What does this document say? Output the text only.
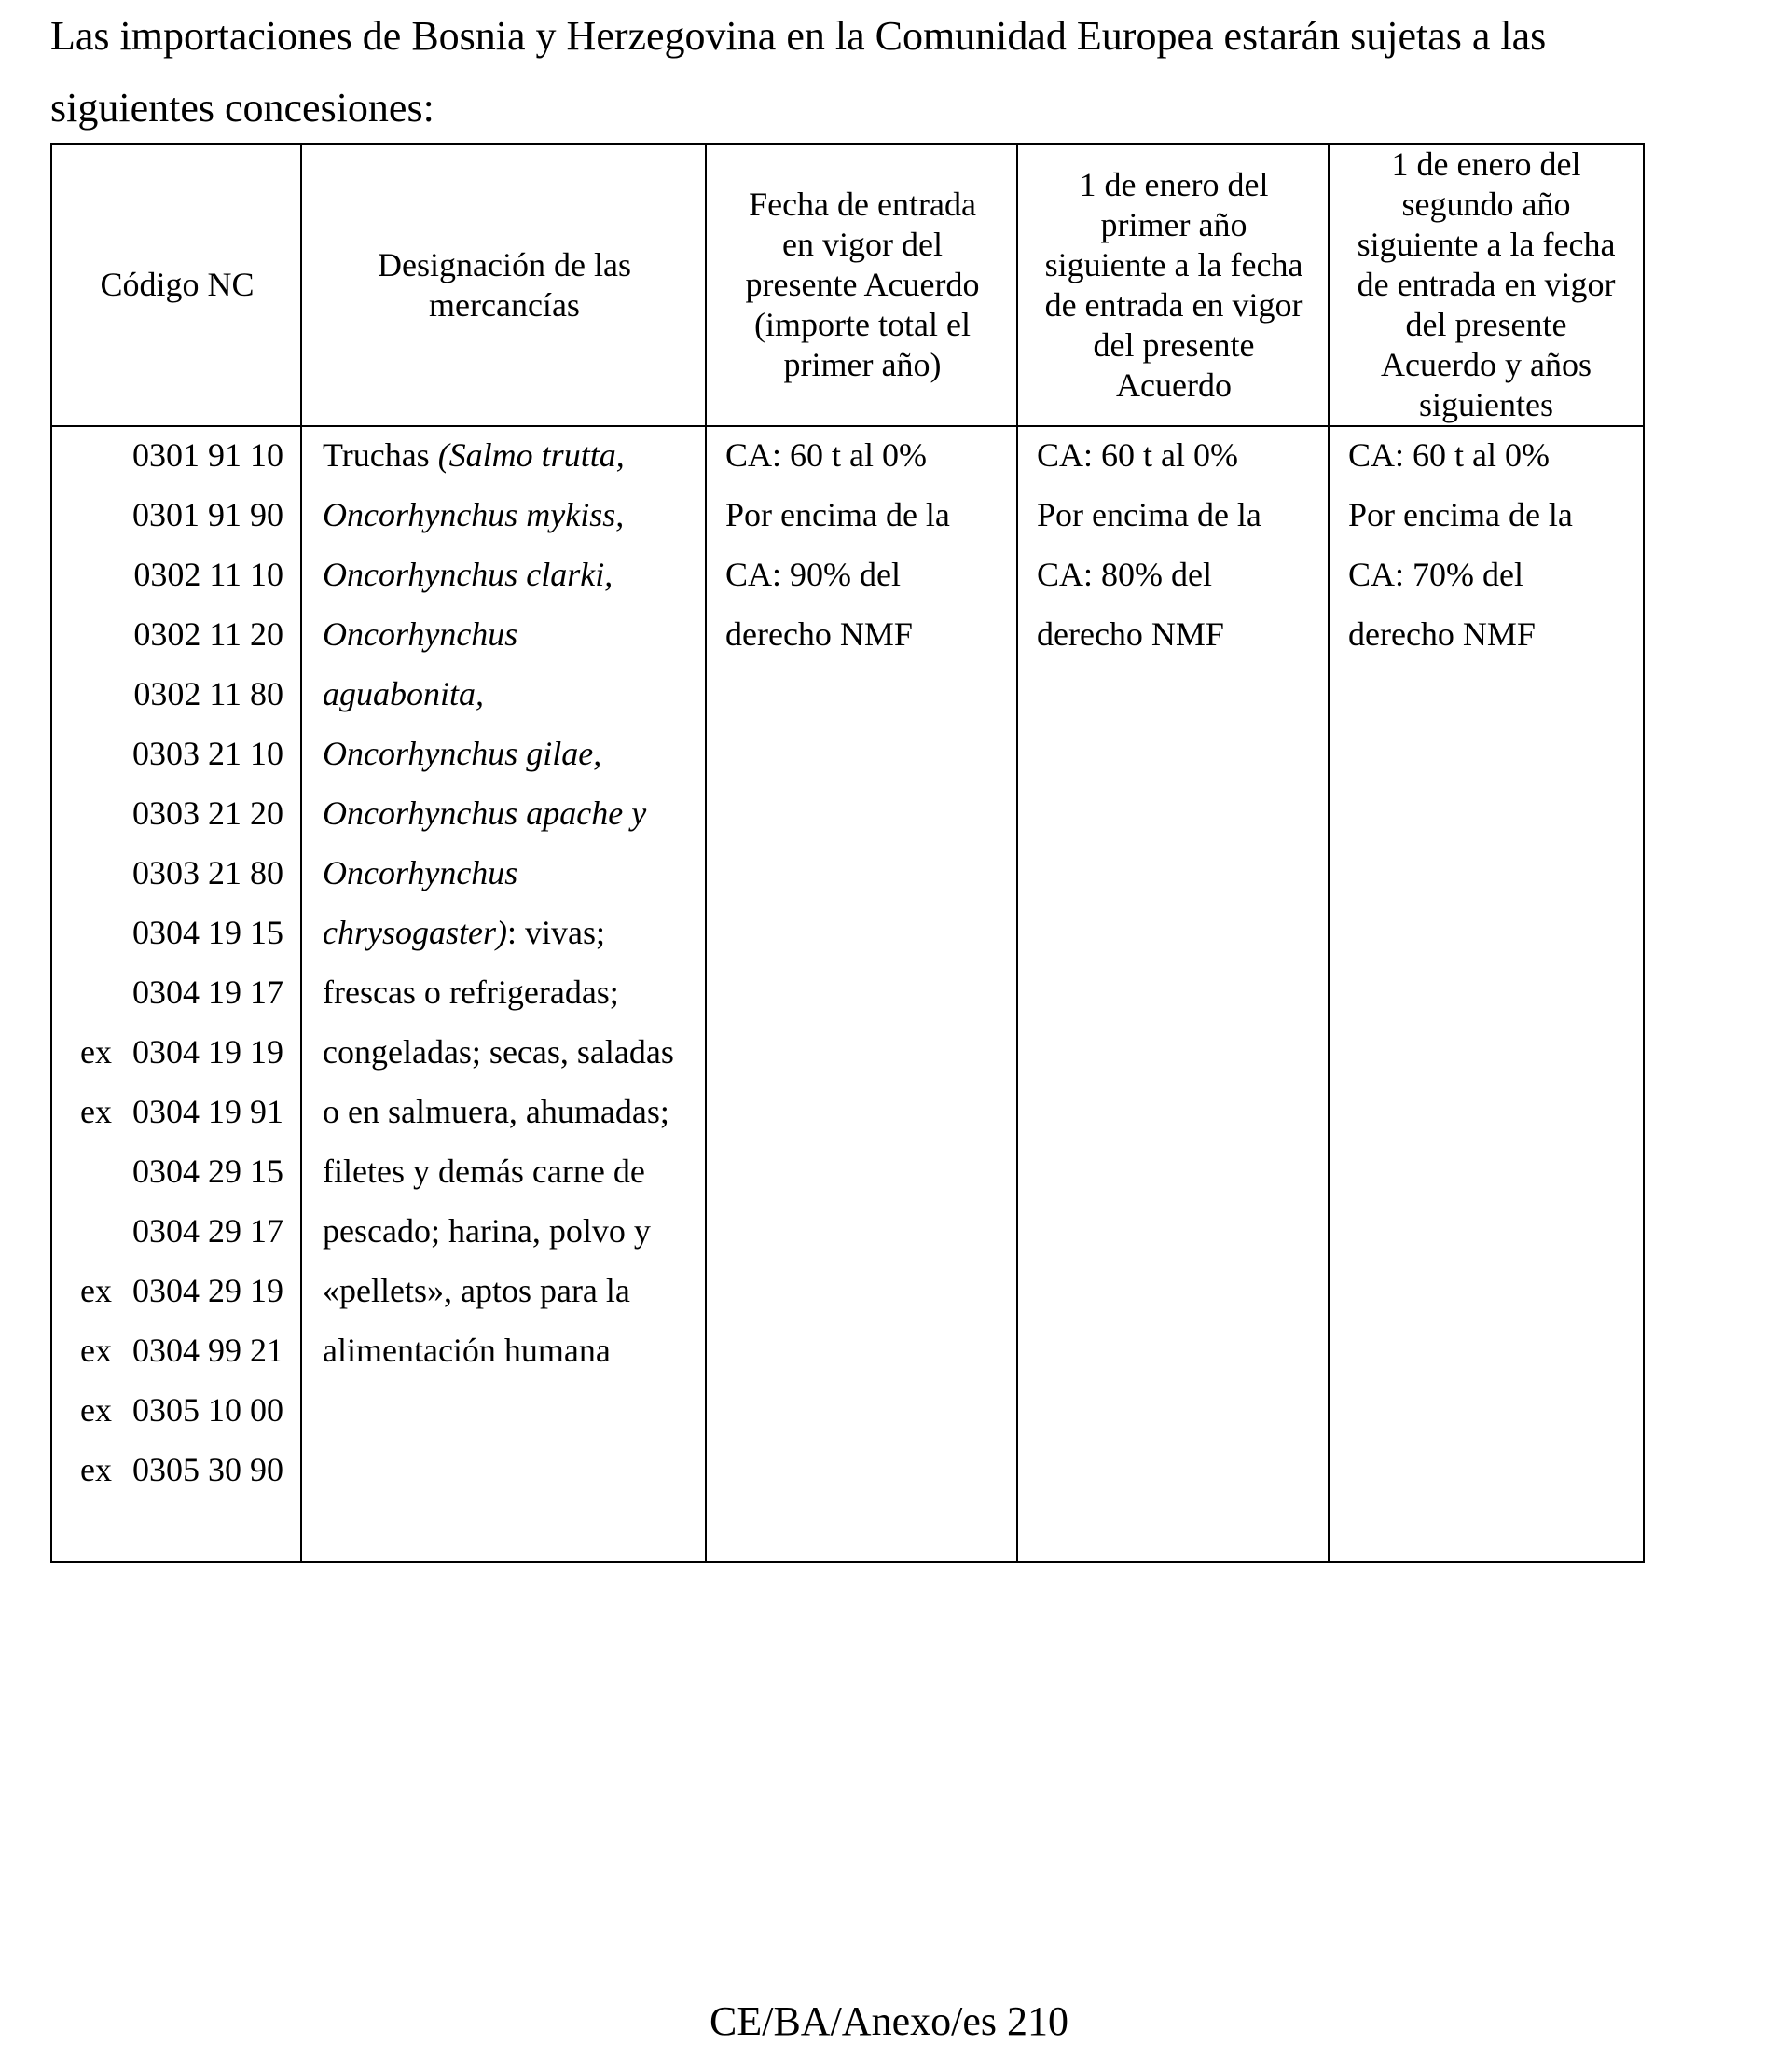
Las importaciones de Bosnia y Herzegovina en la Comunidad Europea estarán sujetas a las siguientes concesiones:

Código NC
Designación de las
mercancías
Fecha de entrada
en vigor del
presente Acuerdo
(importe total el
primer año)
1 de enero del
primer año
siguiente a la fecha
de entrada en vigor
del presente
Acuerdo
1 de enero del
segundo año
siguiente a la fecha
de entrada en vigor
del presente
Acuerdo y años
siguientes
0301 91 10
0301 91 90
0302 11 10
0302 11 20
0302 11 80
0303 21 10
0303 21 20
0303 21 80
0304 19 15
0304 19 17
ex 0304 19 19
ex 0304 19 91
0304 29 15
0304 29 17
ex 0304 29 19
ex 0304 99 21
ex 0305 10 00
ex 0305 30 90
Truchas (Salmo trutta,
Oncorhynchus mykiss,
Oncorhynchus clarki,
Oncorhynchus
aguabonita,
Oncorhynchus gilae,
Oncorhynchus apache y
Oncorhynchus
chrysogaster) : vivas;
frescas o refrigeradas;
congeladas; secas, saladas
o en salmuera, ahumadas;
filetes y demás carne de
pescado; harina, polvo y
«pellets», aptos para la
alimentación humana
CA: 60 t al 0%
Por encima de la
CA: 90% del
derecho NMF
CA: 60 t al 0%
Por encima de la
CA: 80% del
derecho NMF
CA: 60 t al 0%
Por encima de la
CA: 70% del
derecho NMF
CE/BA/Anexo/es 210
